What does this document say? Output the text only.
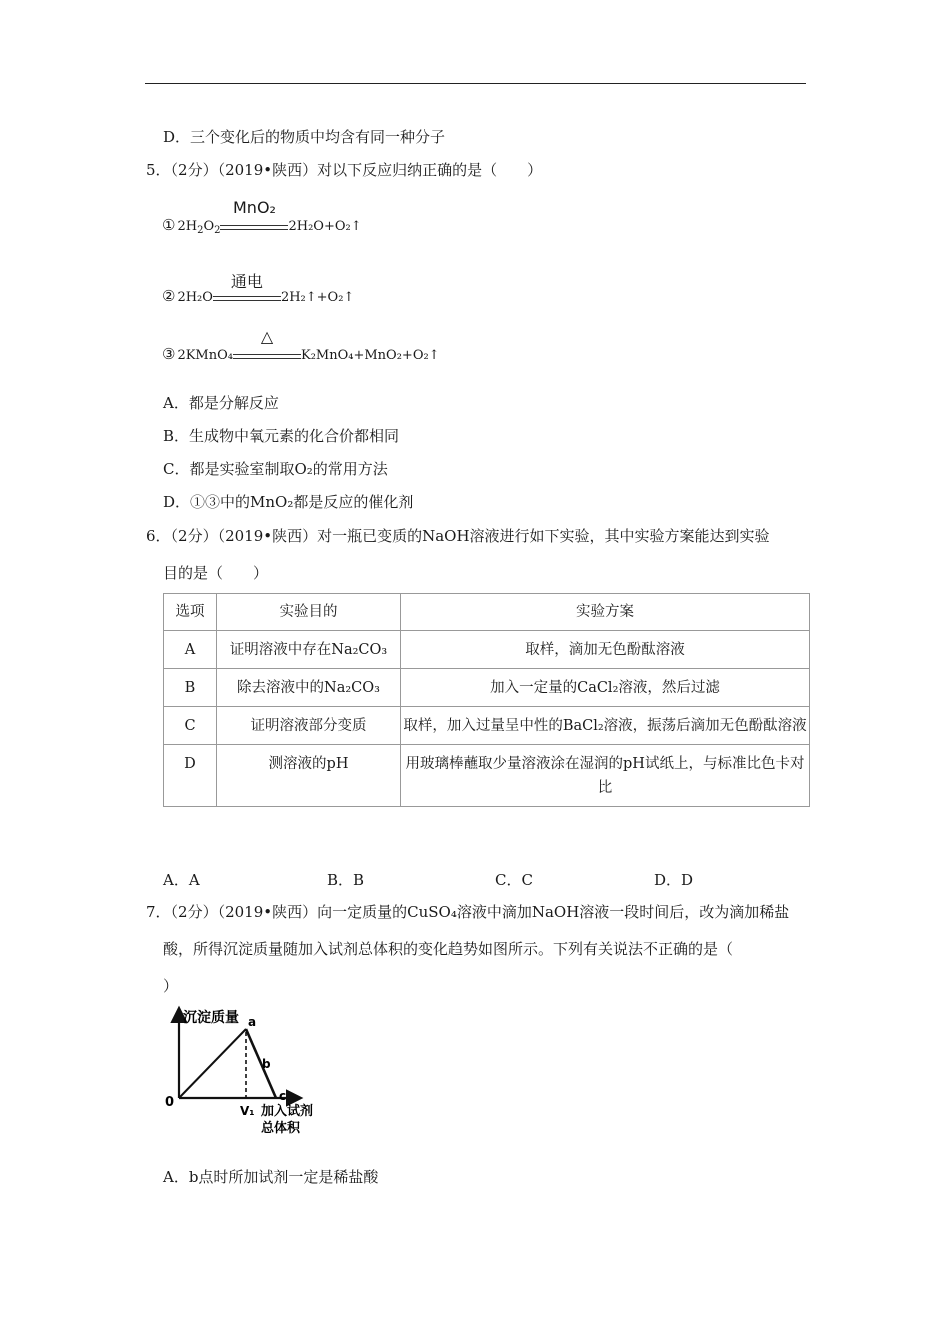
D．三个变化后的物质中均含有同一种分子
5．（2分）（2019•陕西）对以下反应归纳正确的是（　　）
① $2H_2O_2$
MnO₂
2H₂O+O₂↑
② 2H₂O
通电
2H₂↑+O₂↑
③ 2KMnO₄
△
K₂MnO₄+MnO₂+O₂↑
A．都是分解反应
B．生成物中氧元素的化合价都相同
C．都是实验室制取O₂的常用方法
D．①③中的MnO₂都是反应的催化剂
6．（2分）（2019•陕西）对一瓶已变质的NaOH溶液进行如下实验，其中实验方案能达到实验
目的是（　　）
选项	实验目的	实验方案
A	证明溶液中存在Na₂CO₃	取样，滴加无色酚酞溶液
B	除去溶液中的Na₂CO₃	加入一定量的CaCl₂溶液，然后过滤
C	证明溶液部分变质	取样，加入过量呈中性的BaCl₂溶液，振荡后滴加无色酚酞溶液
D	测溶液的pH	用玻璃棒蘸取少量溶液涂在湿润的pH试纸上，与标准比色卡对比
A．A	B．B	C．C	D．D
7．（2分）（2019•陕西）向一定质量的CuSO₄溶液中滴加NaOH溶液一段时间后，改为滴加稀盐
酸，所得沉淀质量随加入试剂总体积的变化趋势如图所示。下列有关说法不正确的是（
）
沉淀质量 a
b
c
0
V₁ 加入试剂
总体积
A．b点时所加试剂一定是稀盐酸
